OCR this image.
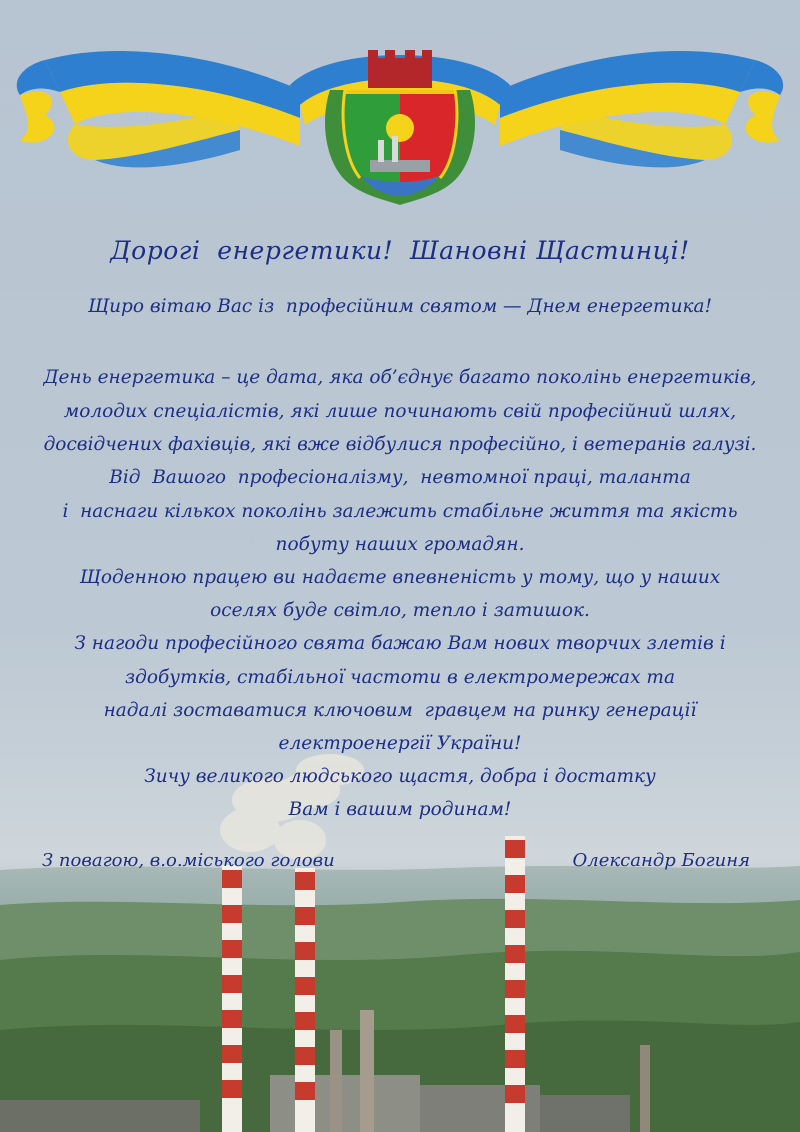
Дорогі  енергетики!  Шановні Щастинці!
Щиро вітаю Вас із  професійним святом — Днем енергетика!
День енергетика – це дата, яка об’єднує багато поколінь енергетиків,
молодих спеціалістів, які лише починають свій професійний шлях,
досвідчених фахівців, які вже відбулися професійно, і ветеранів галузі.
Від  Вашого  професіоналізму,  невтомної праці, таланта
і  наснаги кількох поколінь залежить стабільне життя та якість
побуту наших громадян.
Щоденною працею ви надаєте впевненість у тому, що у наших
оселях буде світло, тепло і затишок.
З нагоди професійного свята бажаю Вам нових творчих злетів і
здобутків, стабільної частоти в електромережах та
надалі зоставатися ключовим  гравцем на ринку генерації
електроенергії України!
Зичу великого людського щастя, добра і достатку
Вам і вашим родинам!
З повагою, в.о.міського голови	Олександр Богиня
